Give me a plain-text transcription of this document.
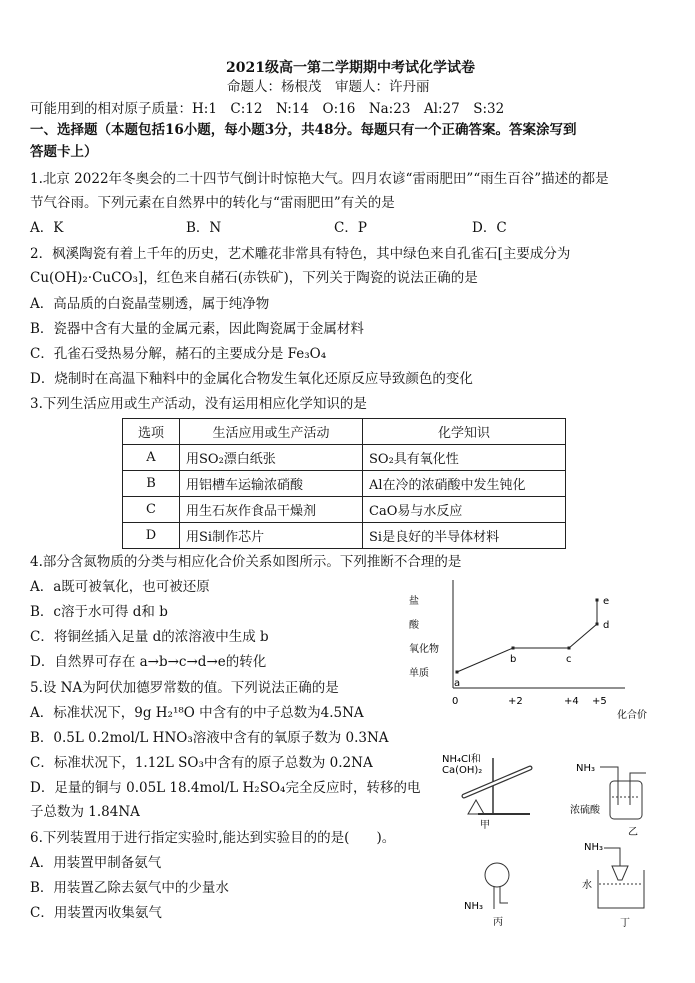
2021级高一第二学期期中考试化学试卷
命题人：杨根茂　审题人：许丹丽
可能用到的相对原子质量：H:1　C:12　N:14　O:16　Na:23　Al:27　S:32
一、选择题（本题包括16小题，每小题3分，共48分。每题只有一个正确答案。答案涂写到
答题卡上）
1.北京 2022年冬奥会的二十四节气倒计时惊艳大气。四月农谚“雷雨肥田”“雨生百谷”描述的都是
节气谷雨。下列元素在自然界中的转化与“雷雨肥田”有关的是
A．K	B．N	C．P	D．C
2．枫溪陶瓷有着上千年的历史，艺术雕花非常具有特色，其中绿色来自孔雀石[主要成分为
Cu(OH)₂·CuCO₃]，红色来自赭石(赤铁矿)，下列关于陶瓷的说法正确的是
A．高品质的白瓷晶莹剔透，属于纯净物
B．瓷器中含有大量的金属元素，因此陶瓷属于金属材料
C．孔雀石受热易分解，赭石的主要成分是 Fe₃O₄
D．烧制时在高温下釉料中的金属化合物发生氧化还原反应导致颜色的变化
3.下列生活应用或生产活动，没有运用相应化学知识的是
选项	生活应用或生产活动	化学知识
A	用SO₂漂白纸张	SO₂具有氧化性
B	用铝槽车运输浓硝酸	Al在冷的浓硝酸中发生钝化
C	用生石灰作食品干燥剂	CaO易与水反应
D	用Si制作芯片	Si是良好的半导体材料
4.部分含氮物质的分类与相应化合价关系如图所示。下列推断不合理的是
A．a既可被氧化，也可被还原
B．c溶于水可得 d和 b
C．将铜丝插入足量 d的浓溶液中生成 b
D．自然界可存在 a→b→c→d→e的转化
单质
氧化物
酸
盐
0	+2	+4 +5
a
b	c
d
e
化合价
5.设 NA为阿伏加德罗常数的值。下列说法正确的是
A．标准状况下，9g H₂¹⁸O 中含有的中子总数为4.5NA
B．0.5L 0.2mol/L HNO₃溶液中含有的氧原子数为 0.3NA
C．标准状况下，1.12L SO₃中含有的原子总数为 0.2NA
D．足量的铜与 0.05L 18.4mol/L H₂SO₄完全反应时，转移的电
子总数为 1.84NA
6.下列装置用于进行指定实验时,能达到实验目的的是(　　)。
A．用装置甲制备氨气
B．用装置乙除去氨气中的少量水
C．用装置丙收集氨气
NH₄Cl和
Ca(OH)₂
甲
NH₃
浓硫酸
乙
NH₃
丙
NH₃
水
丁
